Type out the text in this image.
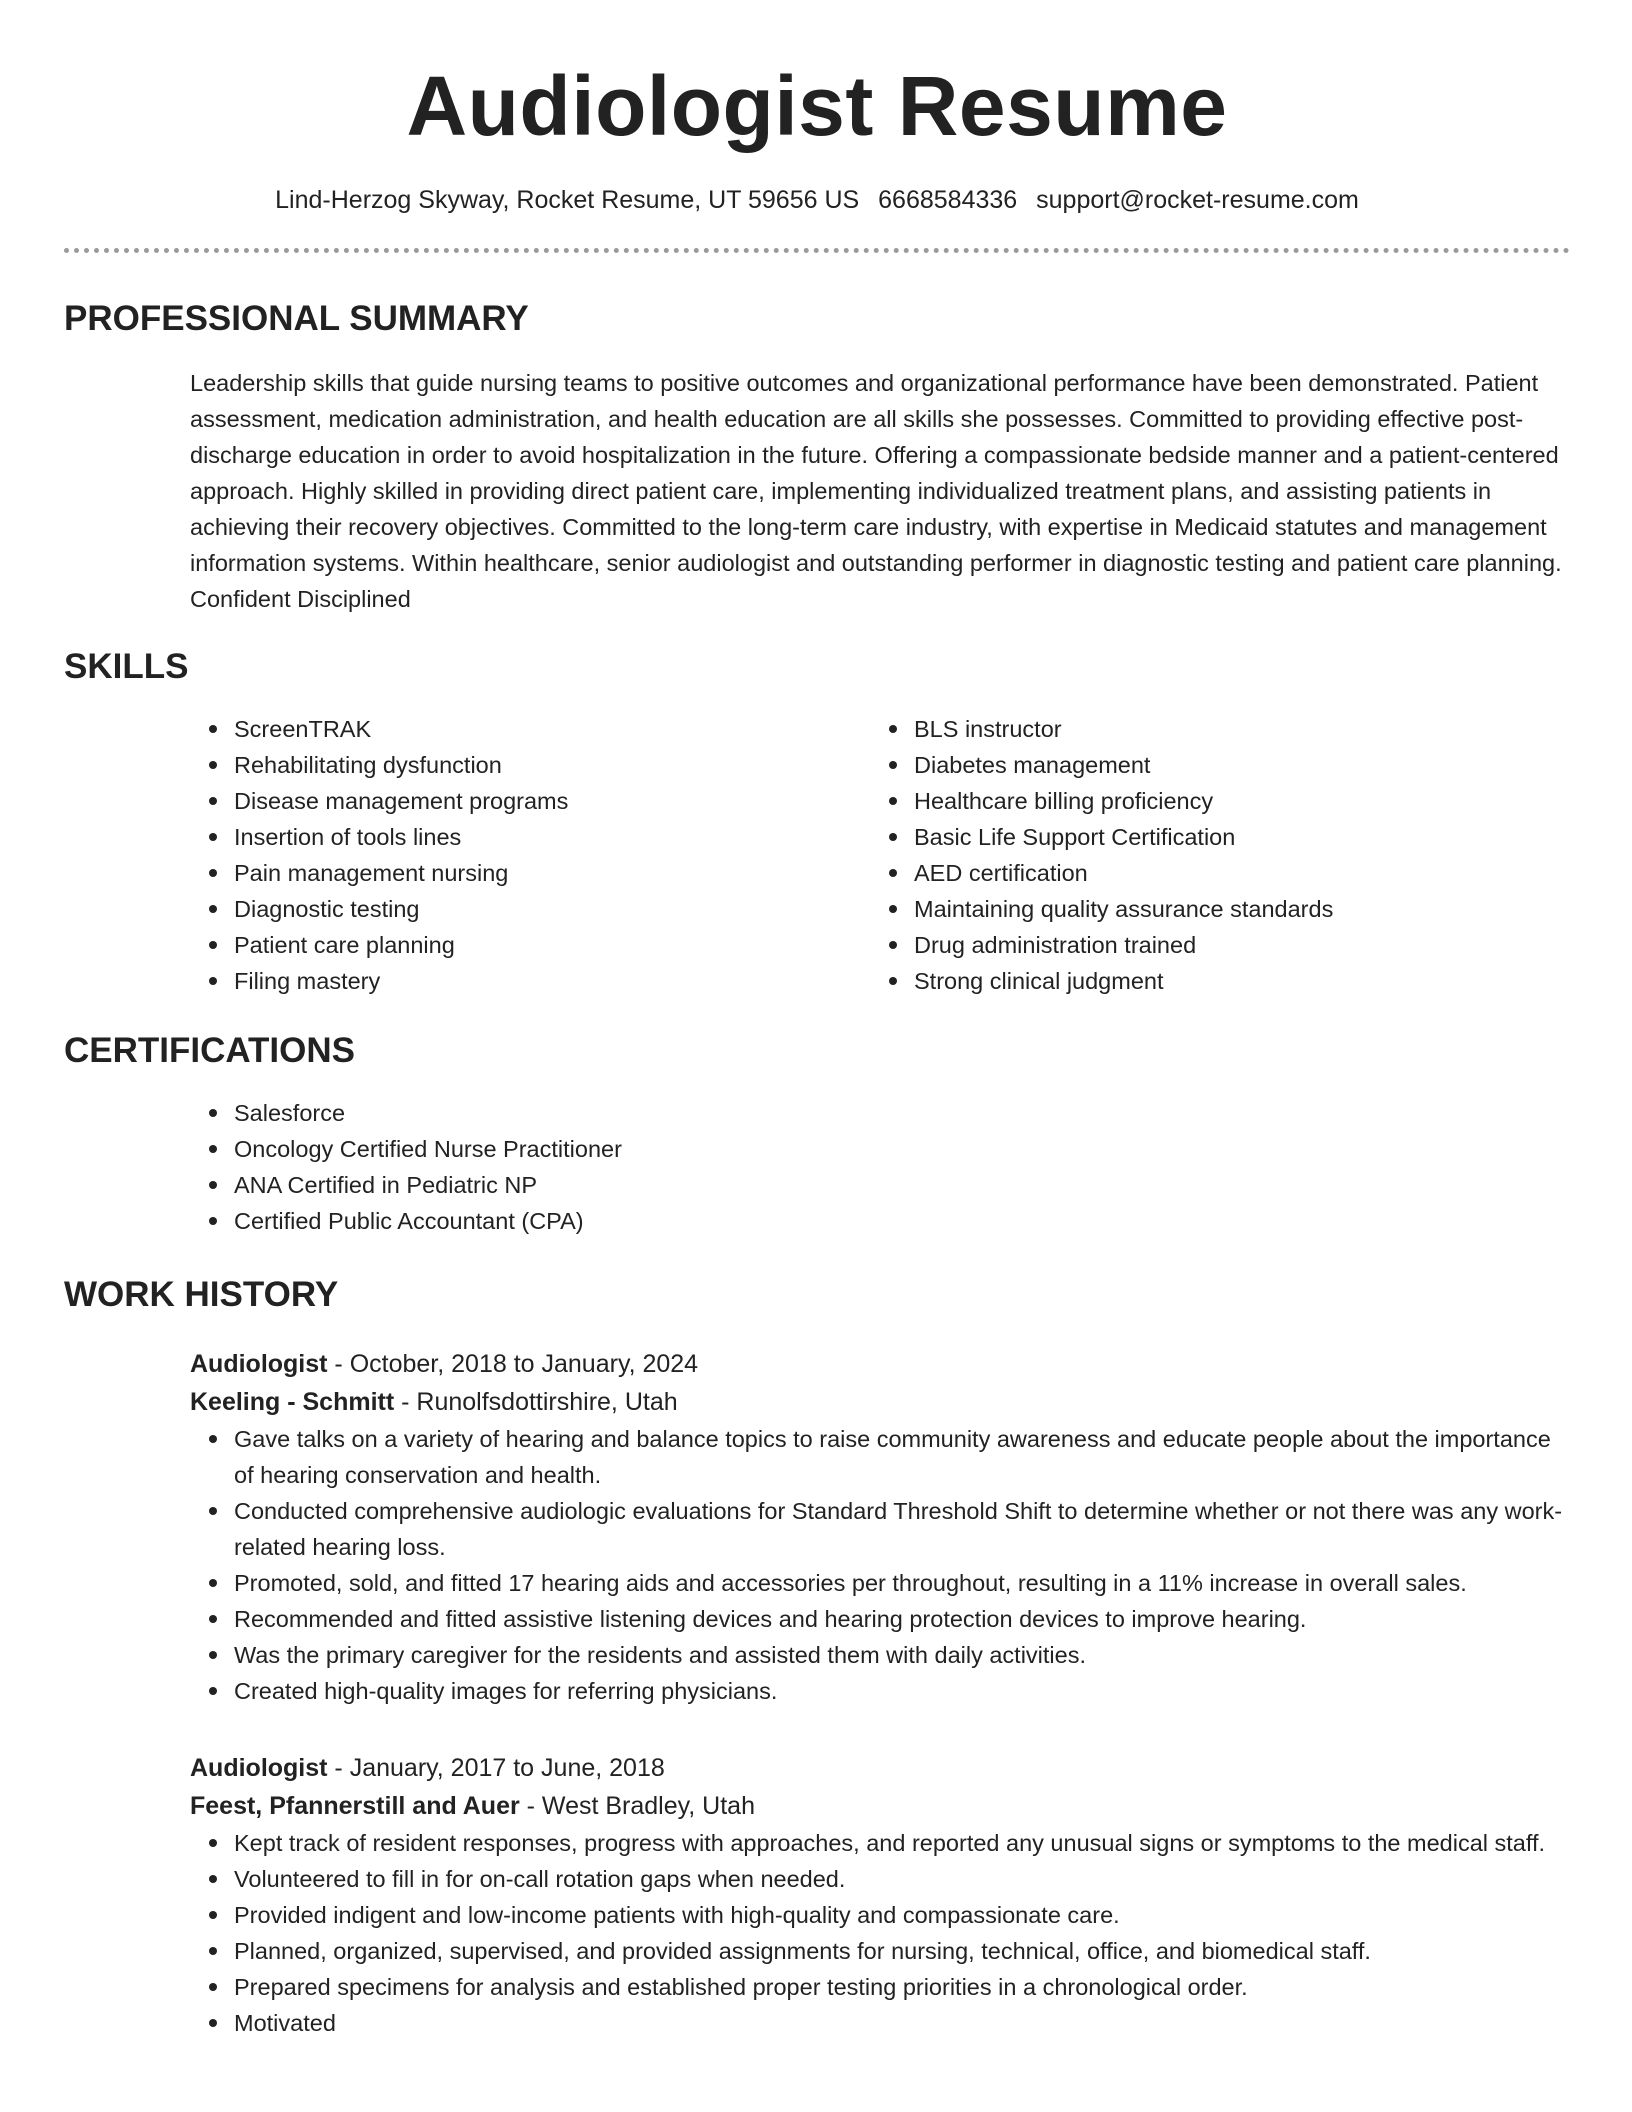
Audiologist Resume
Lind-Herzog Skyway, Rocket Resume, UT 59656 US 6668584336 support@rocket-resume.com
PROFESSIONAL SUMMARY
Leadership skills that guide nursing teams to positive outcomes and organizational performance have been demonstrated. Patient assessment, medication administration, and health education are all skills she possesses. Committed to providing effective post-discharge education in order to avoid hospitalization in the future. Offering a compassionate bedside manner and a patient-centered approach. Highly skilled in providing direct patient care, implementing individualized treatment plans, and assisting patients in achieving their recovery objectives. Committed to the long-term care industry, with expertise in Medicaid statutes and management information systems. Within healthcare, senior audiologist and outstanding performer in diagnostic testing and patient care planning. Confident Disciplined
SKILLS
ScreenTRAK
Rehabilitating dysfunction
Disease management programs
Insertion of tools lines
Pain management nursing
Diagnostic testing
Patient care planning
Filing mastery
BLS instructor
Diabetes management
Healthcare billing proficiency
Basic Life Support Certification
AED certification
Maintaining quality assurance standards
Drug administration trained
Strong clinical judgment
CERTIFICATIONS
Salesforce
Oncology Certified Nurse Practitioner
ANA Certified in Pediatric NP
Certified Public Accountant (CPA)
WORK HISTORY
Audiologist - October, 2018 to January, 2024
Keeling - Schmitt - Runolfsdottirshire, Utah
Gave talks on a variety of hearing and balance topics to raise community awareness and educate people about the importance of hearing conservation and health.
Conducted comprehensive audiologic evaluations for Standard Threshold Shift to determine whether or not there was any work-related hearing loss.
Promoted, sold, and fitted 17 hearing aids and accessories per throughout, resulting in a 11% increase in overall sales.
Recommended and fitted assistive listening devices and hearing protection devices to improve hearing.
Was the primary caregiver for the residents and assisted them with daily activities.
Created high-quality images for referring physicians.
Audiologist - January, 2017 to June, 2018
Feest, Pfannerstill and Auer - West Bradley, Utah
Kept track of resident responses, progress with approaches, and reported any unusual signs or symptoms to the medical staff.
Volunteered to fill in for on-call rotation gaps when needed.
Provided indigent and low-income patients with high-quality and compassionate care.
Planned, organized, supervised, and provided assignments for nursing, technical, office, and biomedical staff.
Prepared specimens for analysis and established proper testing priorities in a chronological order.
Motivated
